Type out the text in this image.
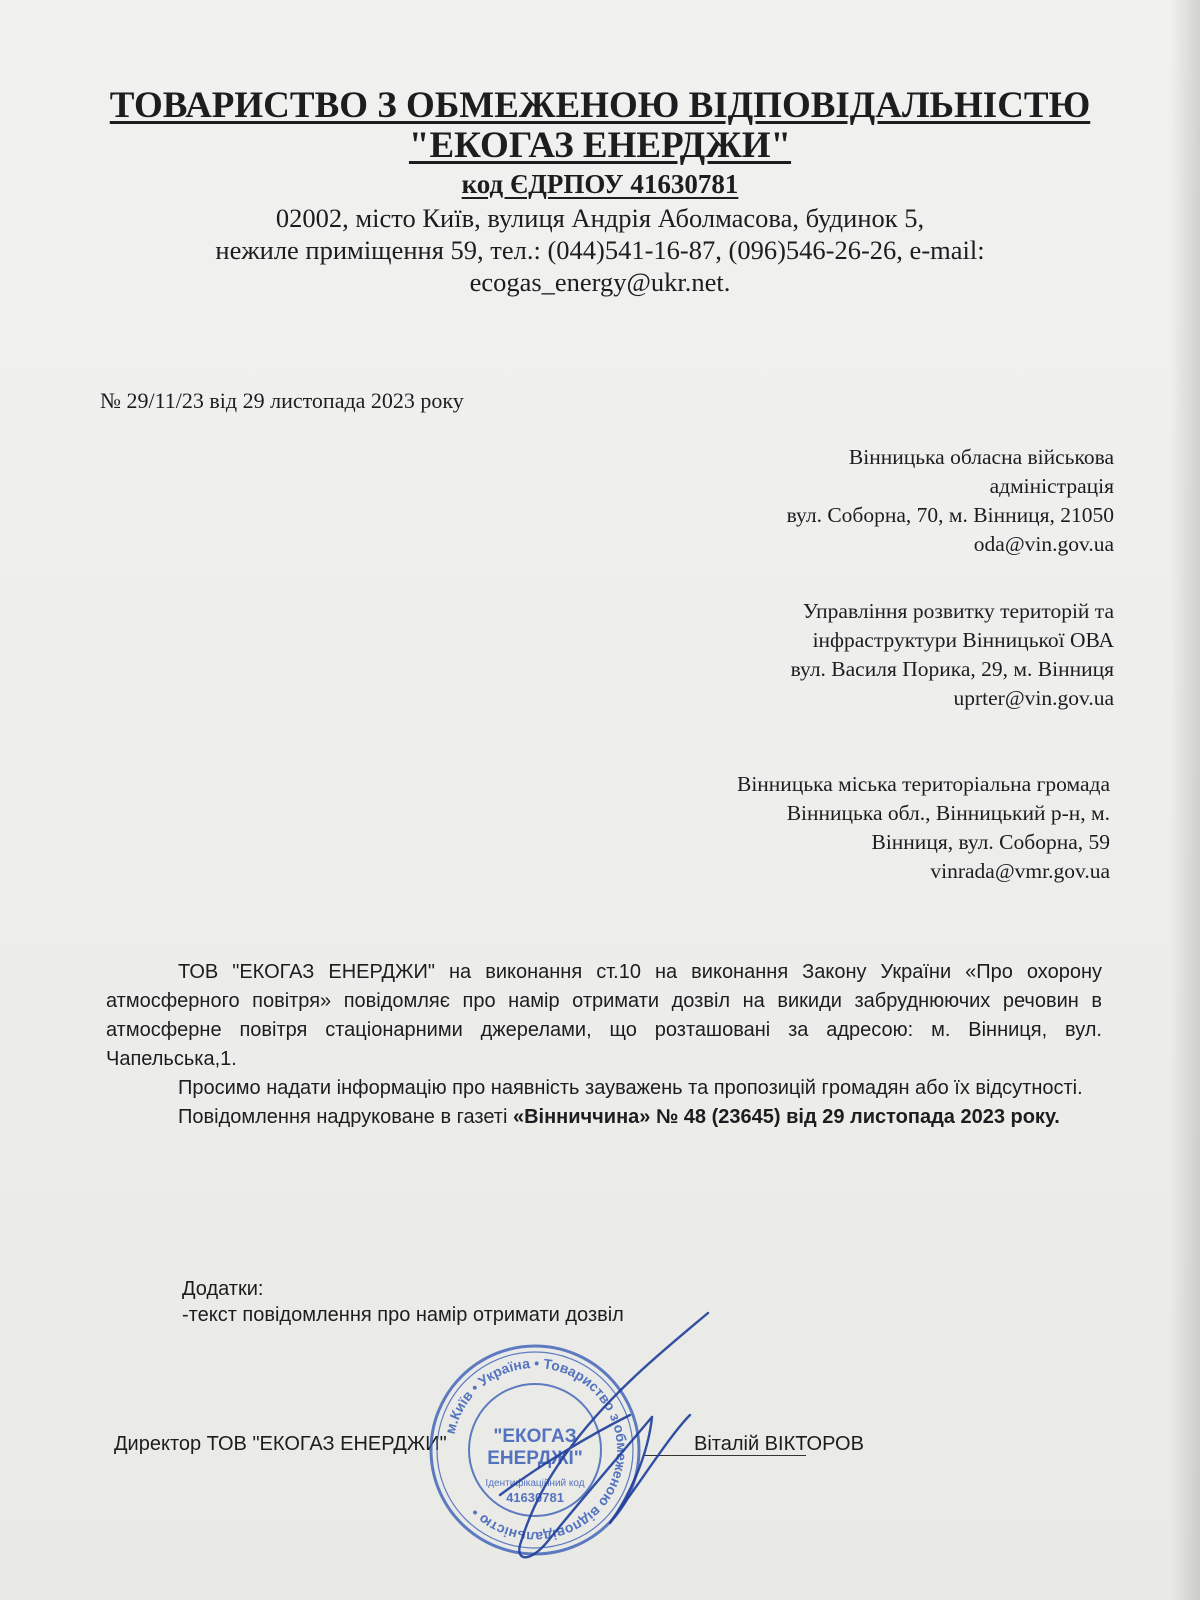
ТОВАРИСТВО З ОБМЕЖЕНОЮ ВІДПОВІДАЛЬНІСТЮ
"ЕКОГАЗ ЕНЕРДЖИ"
код ЄДРПОУ 41630781
02002, місто Київ, вулиця Андрія Аболмасова, будинок 5,
нежиле приміщення 59, тел.: (044)541-16-87, (096)546-26-26, e-mail:
ecogas_energy@ukr.net.
№ 29/11/23 від 29 листопада 2023 року
Вінницька обласна військова
адміністрація
вул. Соборна, 70, м. Вінниця, 21050
oda@vin.gov.ua
Управління розвитку територій та
інфраструктури Вінницької ОВА
вул. Василя Порика, 29, м. Вінниця
uprter@vin.gov.ua
Вінницька міська територіальна громада
Вінницька обл., Вінницький р-н, м.
Вінниця, вул. Соборна, 59
vinrada@vmr.gov.ua

ТОВ "ЕКОГАЗ ЕНЕРДЖИ" на виконання ст.10 на виконання Закону України «Про охорону атмосферного повітря» повідомляє про намір отримати дозвіл на викиди забруднюючих речовин в атмосферне повітря стаціонарними джерелами, що розташовані за адресою: м. Вінниця, вул. Чапельська,1.

Просимо надати інформацію про наявність зауважень та пропозицій громадян або їх відсутності.

Повідомлення надруковане в газеті «Вінниччина» № 48 (23645) від 29 листопада 2023 року.

Додатки:
-текст повідомлення про намір отримати дозвіл
Директор ТОВ "ЕКОГАЗ ЕНЕРДЖИ"	Віталій ВІКТОРОВ
м.Київ • Україна • Товариство з обмеженою відповідальністю •
"ЕКОГАЗ
ЕНЕРДЖІ"
Ідентифікаційний код
41630781
